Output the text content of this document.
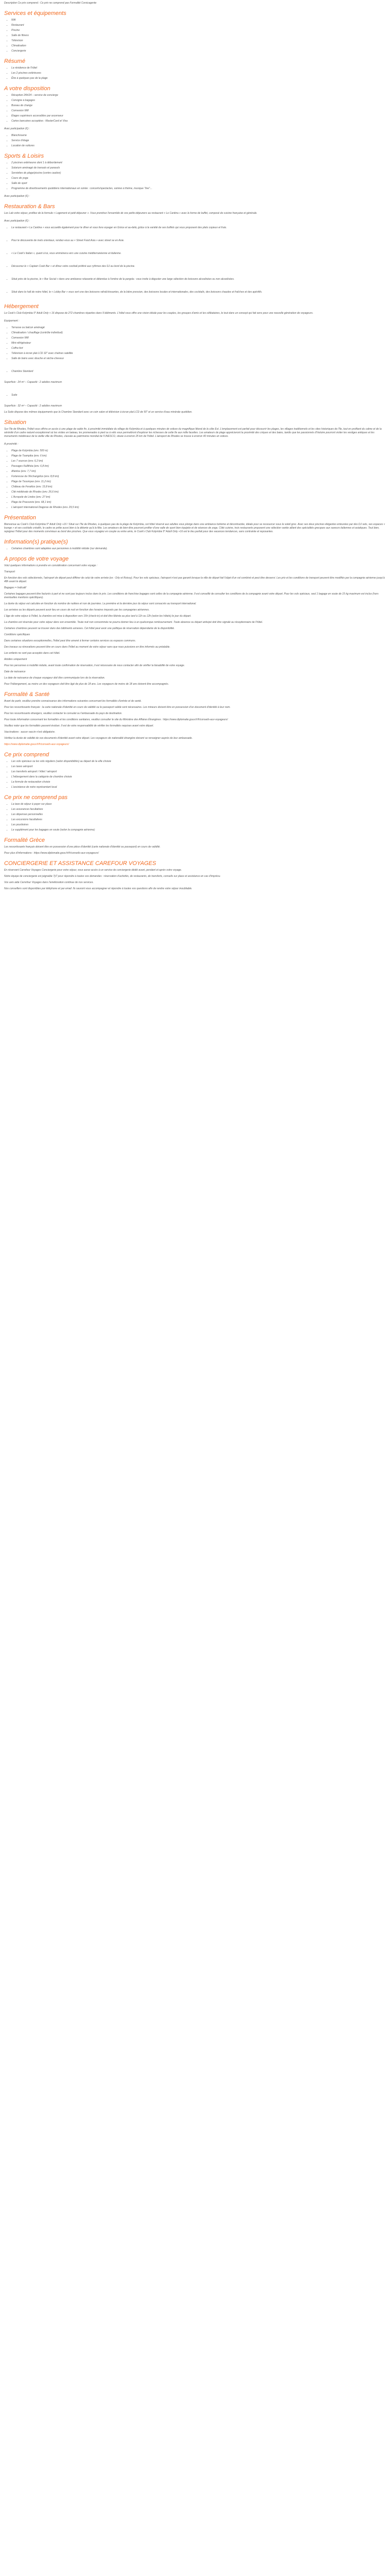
Description Ce prix comprend : Ce prix ne comprend pas Formalité Corsicagente
Services et équipements
• Wifi
• Restaurant
• Piscine
• Salle de fitness
• Télévision
• Climatisation
• Conciergerie
Résumé
• La résidence de l'hôtel
• Les 2 piscines extérieures
• Être à quelques pas de la plage
A votre disposition
• Réception 24h/24 – service de concierge
• Consigne à bagages
• Bureau de change
• Connexion Wifi
• Étages supérieurs accessibles par ascenseur
• Cartes bancaires acceptées : MasterCard et Visa

Avec participation (€) :

• Blanchisserie
• Service d'étage
• Location de voitures
Sports & Loisirs
• 2 piscines extérieures dont 1 à débordement
• Solarium aménagé de transats et parasols
• Serviettes de plage/piscine (contre caution)
• Cours de yoga
• Salle de sport
• Programme de divertissements quotidiens internationaux en soirée : concerts/spectacles, soirées à thème, musique "live"...

Avec participation (€) :

Restauration & Bars

Les Lab votre séjour, profitez de la formule « Logement et petit-déjeuner ». Vous prendrez l'ensemble de vos petits-déjeuners au restaurant « Le Cantina » avec la forme de buffet, composé de cuisine française et générale.

Avec participation (€) :

• Le restaurant « La Cantina » vous accueille également pour le dîner et vous fera voyager en Grèce et au-delà, grâce à la variété de ses buffets qui vous proposent des plats copieux et frais.
• Pour le découverte de mets orientaux, rendez-vous au « Street Food Asia » avec street se en Asie.
• « Le Cook's Italian », quant à lui, vous emmènera vers une cuisine méditerranéenne et italienne.
• Découvrez le « Captain Cook Bar » et dînez votre cocktail préféré aux rythmes des DJ au bord de la piscine.
• Situé près de la piscine, le « Bar Social » dans une ambiance relaxante et détendue à l'ombre de la pergola : vous invite à déguster une large sélection de boissons alcoolisées ou non alcoolisées.
• Situé dans le hall de notre hôtel, le « Lobby Bar » vous sert une des boissons rafraîchissantes, de la bière pression, des boissons locales et internationales, des cocktails, des boissons chaudes et fraîches et des apéritifs.
Hébergement

Le Cook's Club Kolymbia 5* Adult Only + 16 dispose de 272 chambres réparties dans 9 bâtiments. L'hôtel vous offre une vision idéale pour les couples, les groupes d'amis et les célibataires, le tout dans un concept qui fait sens pour une nouvelle génération de voyageurs.

Equipement :

• Terrasse ou balcon aménagé
• Climatisation / chauffage (contrôle individuel)
• Connexion Wifi
• Mini-réfrigérateur
• Coffre-fort
• Télévision à écran plat LCD 32" avec chaînes satellite
• Salle de bains avec douche et sèche-cheveux
• Chambre Standard

Superficie : 24 m² – Capacité : 2 adultes maximum

• Suite

Superficie : 32 m² – Capacité : 2 adultes maximum

La Suite dispose des mêmes équipements que la Chambre Standard avec un coin salon et télévision à écran plat LCD de 50" et un service d'eau minérale quotidien.

Situation

Sur l'île de Rhodes, l'hôtel vous offrira un accès à une plage de sable fin, à proximité immédiate du village de Kolymbia et à quelques minutes de voiture du magnifique littoral de la côte Est. L'emplacement est parfait pour découvrir les plages, les villages traditionnels et les sites historiques de l'île, tout en profitant du calme et de la sérénité d'un cadre naturel exceptionnel où les visites en bateau, les promenades à pied ou à vélo vous permettront d'explorer les richesses de cette île aux mille facettes. Les amateurs de plage apprécieront la proximité des criques et des baies, tandis que les passionnés d'histoire pourront visiter les vestiges antiques et les monuments médiévaux de la vieille ville de Rhodes, classée au patrimoine mondial de l'UNESCO, située à environ 25 km de l'hôtel. L'aéroport de Rhodes se trouve à environ 40 minutes en voiture.

A proximité :

• Plage de Kolymbia (env. 500 m)
• Plage de Tsampika (env. 6 km)
• Les 7 sources (env. 6,2 km)
• Passages Kallithéa (env. 6,8 km)
• Afantou (env. 7,7 km)
• Forteresse de l'Archangélos (env. 8,8 km)
• Plage de Tsoumpas (env. 11,2 km)
• Château de Feraklos (env. 15,8 km)
• Cité médiévale de Rhodes (env. 26,6 km)
• L'Acropole de Lindos (env. 27 km)
• Plage de Prassonisi (env. 68,1 km)
• L'aéroport international Diagoras de Rhodes (env. 29,5 km)
Présentation

Bienvenue au Cook's Club Kolymbia 5* Adult Only +16 ! Situé sur l'île de Rhodes, à quelques pas de la plage de Kolymbia, cet hôtel réservé aux adultes vous plonge dans une ambiance bohème et décontractée, idéale pour se ressourcer sous le soleil grec. Avec ses deux piscines élégantes entourées par des DJ sets, ses espaces « lounge » et ses cocktails créatifs, le cadre se prête aussi bien à la détente qu'à la fête. Les amateurs de bien-être pourront profiter d'une salle de sport bien équipée et de séances de yoga. Côté cuisine, trois restaurants proposent une sélection variée alliant des spécialités grecques aux saveurs italiennes et asiatiques. Tout bien, rejoignez l'hôtel pour des moments conviviaux au bord des piscines. Que vous voyagiez en couple ou entre amis, le Cook's Club Kolymbia 5* Adult Only +16 est le lieu parfait pour des vacances tendances, sans contrainte et reposantes.

Information(s) pratique(s)
• Certaines chambres sont adaptées aux personnes à mobilité réduite (sur demande).
A propos de votre voyage

Voici quelques informations à prendre en considération concernant votre voyage :

Transport

En fonction des vols sélectionnés, l'aéroport de départ peut différer de celui de votre arrivée (ex : Orly et Roissy). Pour les vols spéciaux, l'aéroport n'est pas garanti lorsque la ville de départ fait l'objet d'un vol combiné et peut être desservi. Les prix et les conditions de transport peuvent être modifiés par la compagnie aérienne jusqu'à 48h avant le départ.

Bagages = Indicatif

Certaines bagages peuvent être facturés à part et ne sont pas toujours inclus dans le prix. Les conditions de franchise bagages sont celles de la compagnie aérienne. Il est conseillé de consulter les conditions de la compagnie avant votre départ. Pour les vols spéciaux, seul 1 bagage en soute de 15 kg maximum est inclus (hors éventuelles mentions spécifiques).

La durée du séjour est calculée en fonction du nombre de nuitées et non de journées. La première et la dernière jour du séjour sont consacrés au transport international.

Les arrivées ou les départs peuvent avoir lieu en cours de nuit en fonction des horaires imposés par les compagnies aériennes.

L'âge de votre séjour à l'hôtel, la chambre est mise à disposition vers 15h (check-in) et doit être libérée au plus tard à 11h ou 12h (selon les hôtels) le jour du départ.

La chambre est réservée pour votre séjour dans son ensemble. Toute nuit non consommée ne pourra donner lieu à un quelconque remboursement. Toute absence ou départ anticipé doit être signalé au réceptionnaire de l'hôtel.

Certaines chambres peuvent se trouver dans des bâtiments annexes. Cet hôtel peut avoir une politique de réservation dépendante de la disponibilité.

Conditions spécifiques

Dans certaines situations exceptionnelles, l'hôtel peut être amené à fermer certains services ou espaces communs.

Des travaux ou rénovations peuvent être en cours dans l'hôtel au moment de votre séjour sans que nous puissions en être informés au préalable.

Les enfants ne sont pas acceptés dans cet hôtel.

Adultes uniquement

Pour les personnes à mobilité réduite, avant toute confirmation de réservation, il est nécessaire de nous contacter afin de vérifier la faisabilité de votre voyage.

Date de naissance

La date de naissance de chaque voyageur doit être communiquée lors de la réservation.

Pour l'hébergement, au moins un des voyageurs doit être âgé de plus de 18 ans. Les voyageurs de moins de 18 ans doivent être accompagnés.

Formalité & Santé

Avant de partir, veuillez prendre connaissance des informations suivantes concernant les formalités d'entrée et de santé.

Pour les ressortissants français : la carte nationale d'identité en cours de validité ou le passeport valide sont nécessaires. Les mineurs doivent être en possession d'un document d'identité à leur nom.

Pour les ressortissants étrangers, veuillez contacter le consulat ou l'ambassade du pays de destination.

Pour toute information concernant les formalités et les conditions sanitaires, veuillez consulter le site du Ministère des Affaires Étrangères : https://www.diplomatie.gouv.fr/fr/conseils-aux-voyageurs/

Veuillez noter que les formalités peuvent évoluer. Il est de votre responsabilité de vérifier les formalités requises avant votre départ.

Vaccinations : aucun vaccin n'est obligatoire.

Vérifiez la durée de validité de vos documents d'identité avant votre départ. Les voyageurs de nationalité étrangère doivent se renseigner auprès de leur ambassade.

https://www.diplomatie.gouv.fr/fr/conseils-aux-voyageurs/

Ce prix comprend
• Les vols spéciaux ou les vols réguliers (selon disponibilités) au départ de la ville choisie
• Les taxes aéroport
• Les transferts aéroport / hôtel / aéroport
• L'hébergement dans la catégorie de chambre choisie
• La formule de restauration choisie
• L'assistance de notre représentant local
Ce prix ne comprend pas
• La taxe de séjour à payer sur place
• Les assurances facultatives
• Les dépenses personnelles
• Les excursions facultatives
• Les pourboires
• Le supplément pour les bagages en soute (selon la compagnie aérienne)
Formalité Grèce

Les ressortissants français doivent être en possession d'une pièce d'identité (carte nationale d'identité ou passeport) en cours de validité.

Pour plus d'informations : https://www.diplomatie.gouv.fr/fr/conseils-aux-voyageurs/

CONCIERGERIE ET ASSISTANCE CAREFOUR VOYAGES

En réservant Carrefour Voyages Conciergerie pour votre séjour, vous aurez accès à un service de conciergerie dédié avant, pendant et après votre voyage.

Notre équipe de conciergerie est joignable 7j/7 pour répondre à toutes vos demandes : réservation d'activités, de restaurants, de transferts, conseils sur place et assistance en cas d'imprévu.

Vos avis aide Carrefour Voyages dans l'amélioration continue de nos services.

Nos conseillers sont disponibles par téléphone et par email. Ils sauront vous accompagner et répondre à toutes vos questions afin de rendre votre séjour inoubliable.
